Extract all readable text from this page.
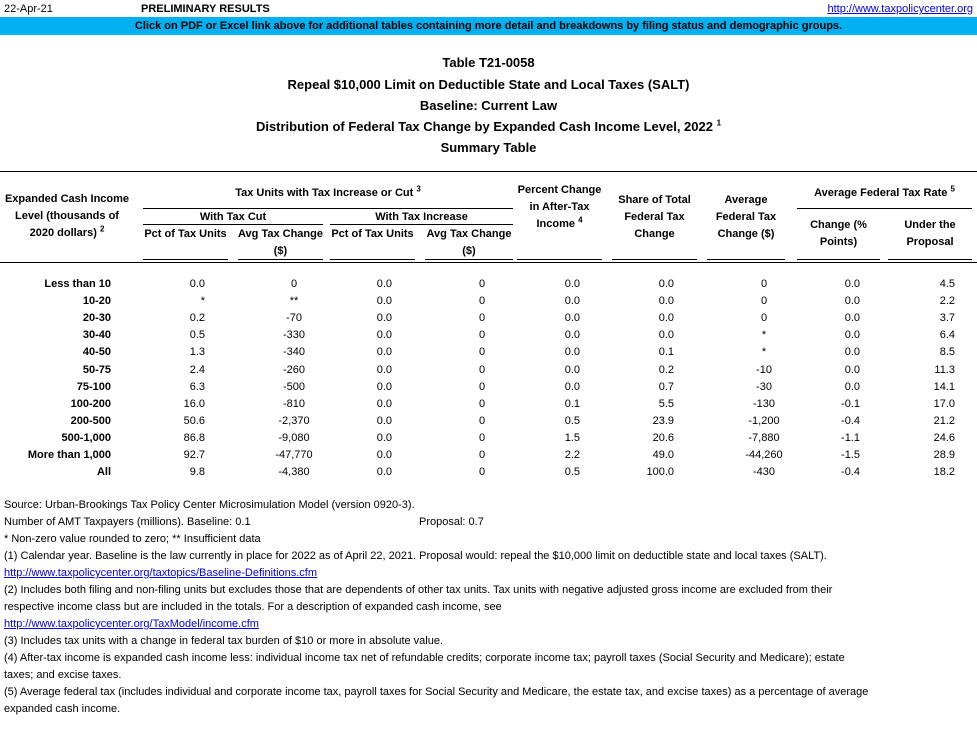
22-Apr-21	PRELIMINARY RESULTS	http://www.taxpolicycenter.org
Click on PDF or Excel link above for additional tables containing more detail and breakdowns by filing status and demographic groups.
Table T21-0058
Repeal $10,000 Limit on Deductible State and Local Taxes (SALT)
Baseline: Current Law
Distribution of Federal Tax Change by Expanded Cash Income Level, 2022 $^1$
Summary Table
Expanded Cash Income Level (thousands of 2020 dollars) $^2$
Tax Units with Tax Increase or Cut $^3$
With Tax Cut	With Tax Increase
Pct of Tax Units	Avg Tax Change ($)
Pct of Tax Units	Avg Tax Change ($)
Percent Change in After-Tax Income $^4$
Share of Total Federal Tax Change
Average Federal Tax Change ($)
Average Federal Tax Rate $^5$
Change (% Points)
Under the Proposal
Less than 10	0.0	0	0.0	0	0.0	0.0	0	0.0	4.5
10-20	*	**	0.0	0	0.0	0.0	0	0.0	2.2
20-30	0.2	-70	0.0	0	0.0	0.0	0	0.0	3.7
30-40	0.5	-330	0.0	0	0.0	0.0	*	0.0	6.4
40-50	1.3	-340	0.0	0	0.0	0.1	*	0.0	8.5
50-75	2.4	-260	0.0	0	0.0	0.2	-10	0.0	11.3
75-100	6.3	-500	0.0	0	0.0	0.7	-30	0.0	14.1
100-200	16.0	-810	0.0	0	0.1	5.5	-130	-0.1	17.0
200-500	50.6	-2,370	0.0	0	0.5	23.9	-1,200	-0.4	21.2
500-1,000	86.8	-9,080	0.0	0	1.5	20.6	-7,880	-1.1	24.6
More than 1,000	92.7	-47,770	0.0	0	2.2	49.0	-44,260	-1.5	28.9
All	9.8	-4,380	0.0	0	0.5	100.0	-430	-0.4	18.2
Source: Urban-Brookings Tax Policy Center Microsimulation Model (version 0920-3).
Number of AMT Taxpayers (millions). Baseline: 0.1	Proposal: 0.7
* Non-zero value rounded to zero; ** Insufficient data
(1) Calendar year. Baseline is the law currently in place for 2022 as of April 22, 2021. Proposal would: repeal the $10,000 limit on deductible state and local taxes (SALT).
http://www.taxpolicycenter.org/taxtopics/Baseline-Definitions.cfm
(2) Includes both filing and non-filing units but excludes those that are dependents of other tax units. Tax units with negative adjusted gross income are excluded from their
respective income class but are included in the totals. For a description of expanded cash income, see
http://www.taxpolicycenter.org/TaxModel/income.cfm
(3) Includes tax units with a change in federal tax burden of $10 or more in absolute value.
(4) After-tax income is expanded cash income less: individual income tax net of refundable credits; corporate income tax; payroll taxes (Social Security and Medicare); estate
taxes; and excise taxes.
(5) Average federal tax (includes individual and corporate income tax, payroll taxes for Social Security and Medicare, the estate tax, and excise taxes) as a percentage of average
expanded cash income.
